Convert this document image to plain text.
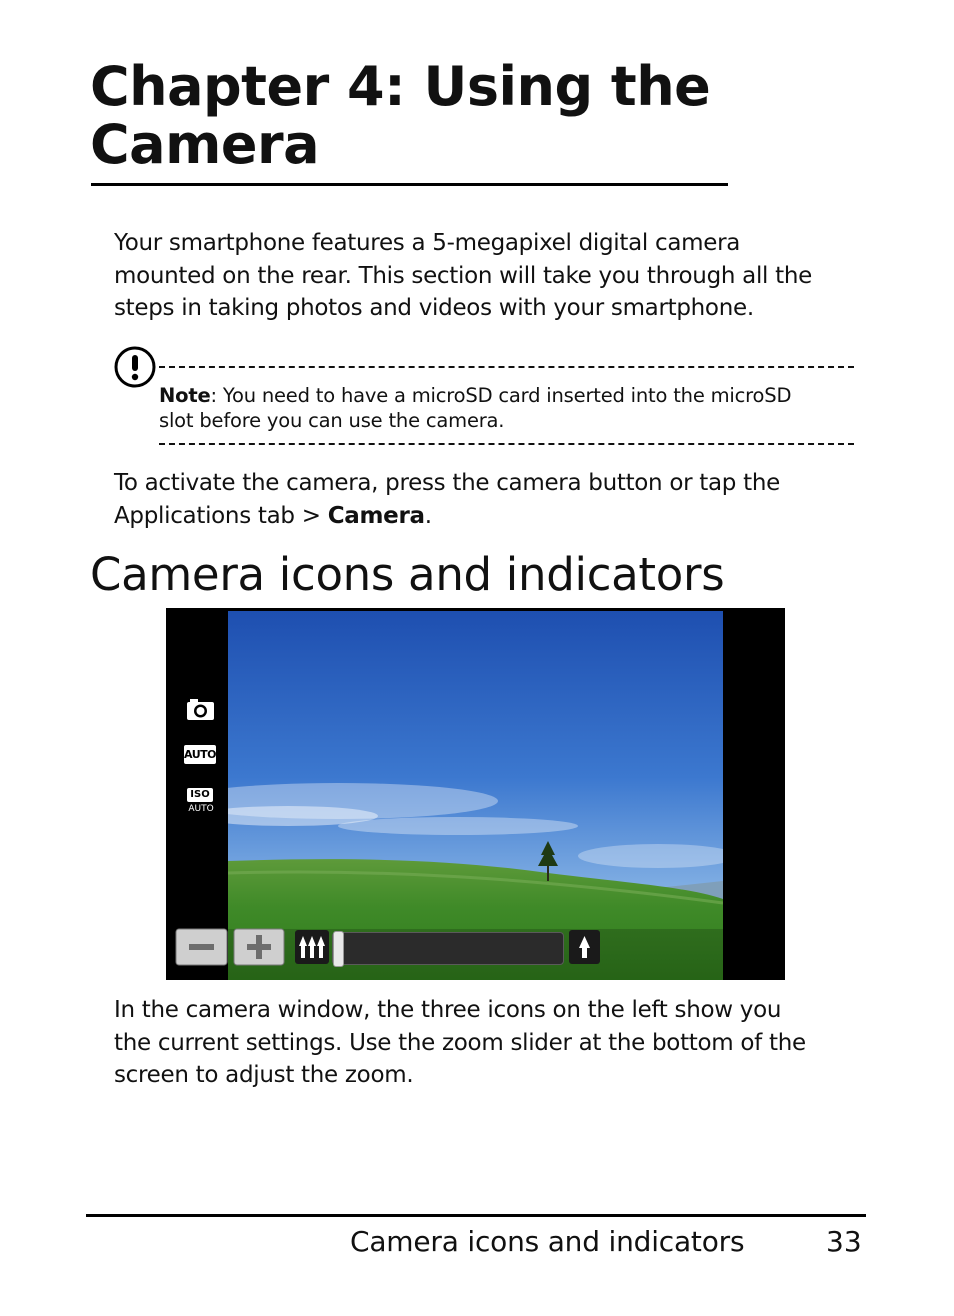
Chapter 4: Using the
Camera

Your smartphone features a 5-megapixel digital camera
mounted on the rear. This section will take you through all the
steps in taking photos and videos with your smartphone.

Note: You need to have a microSD card inserted into the microSD
slot before you can use the camera.

To activate the camera, press the camera button or tap the
Applications tab > Camera.

Camera icons and indicators
AUTO
ISO
AUTO

In the camera window, the three icons on the left show you
the current settings. Use the zoom slider at the bottom of the
screen to adjust the zoom.

Camera icons and indicators	33
